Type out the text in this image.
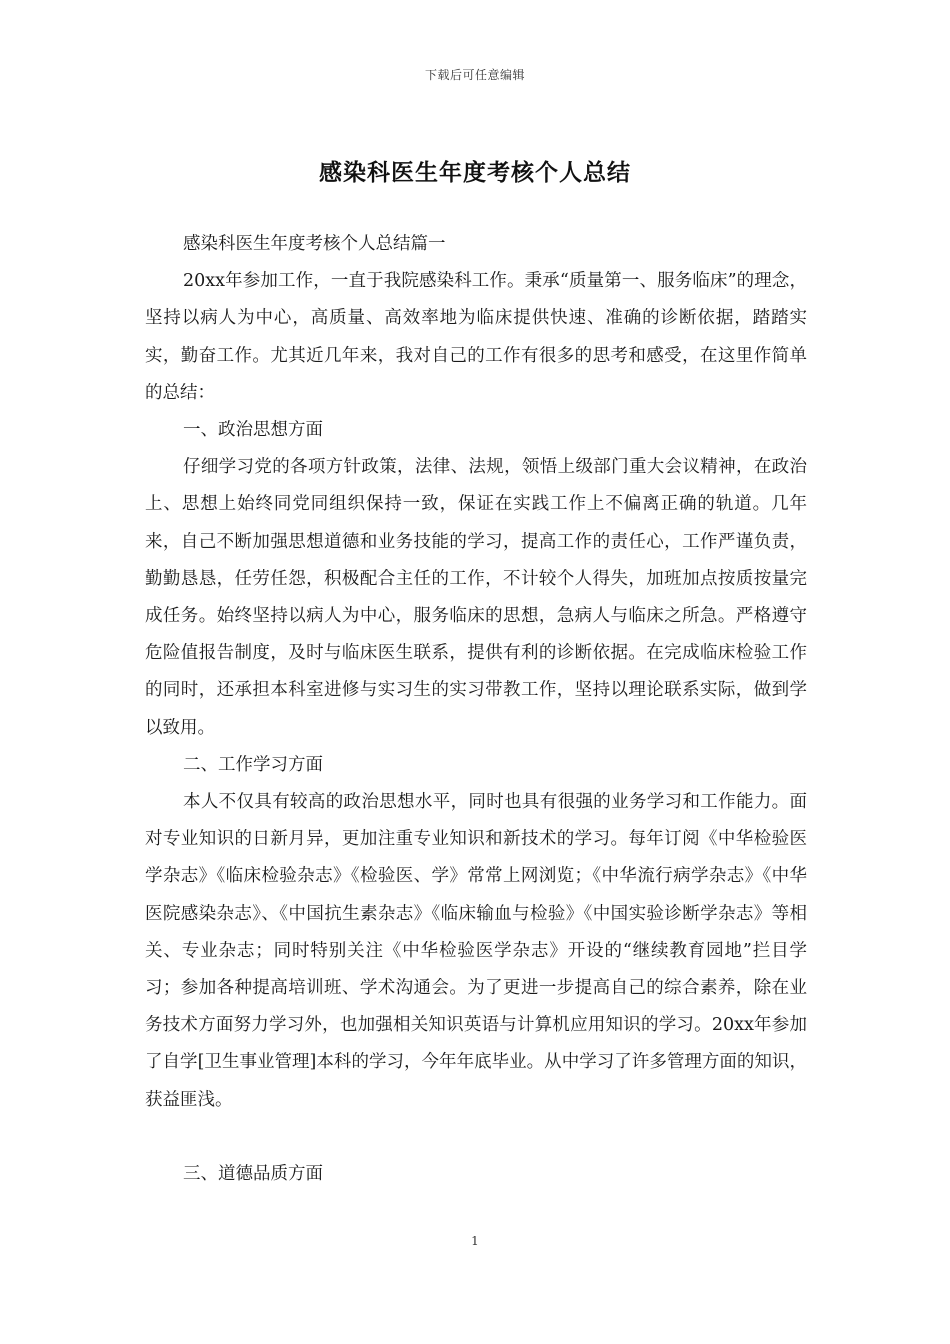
下载后可任意编辑
感染科医生年度考核个人总结

感染科医生年度考核个人总结篇一

20xx年参加工作，一直于我院感染科工作。秉承“质量第一、服务临床”的理念，坚持以病人为中心，高质量、高效率地为临床提供快速、准确的诊断依据，踏踏实实，勤奋工作。尤其近几年来，我对自己的工作有很多的思考和感受，在这里作简单的总结：

一、政治思想方面

仔细学习党的各项方针政策，法律、法规，领悟上级部门重大会议精神，在政治上、思想上始终同党同组织保持一致，保证在实践工作上不偏离正确的轨道。几年来，自己不断加强思想道德和业务技能的学习，提高工作的责任心，工作严谨负责，勤勤恳恳，任劳任怨，积极配合主任的工作，不计较个人得失，加班加点按质按量完成任务。始终坚持以病人为中心，服务临床的思想，急病人与临床之所急。严格遵守危险值报告制度，及时与临床医生联系，提供有利的诊断依据。在完成临床检验工作的同时，还承担本科室进修与实习生的实习带教工作，坚持以理论联系实际，做到学以致用。

二、工作学习方面

本人不仅具有较高的政治思想水平，同时也具有很强的业务学习和工作能力。面对专业知识的日新月异，更加注重专业知识和新技术的学习。每年订阅《中华检验医学杂志》《临床检验杂志》《检验医、学》常常上网浏览；《中华流行病学杂志》《中华医院感染杂志》、《中国抗生素杂志》《临床输血与检验》《中国实验诊断学杂志》等相关、专业杂志；同时特别关注《中华检验医学杂志》开设的“继续教育园地”拦目学习；参加各种提高培训班、学术沟通会。为了更进一步提高自己的综合素养，除在业务技术方面努力学习外，也加强相关知识英语与计算机应用知识的学习。20xx年参加了自学[卫生事业管理]本科的学习，今年年底毕业。从中学习了许多管理方面的知识，获益匪浅。

三、道德品质方面

1
